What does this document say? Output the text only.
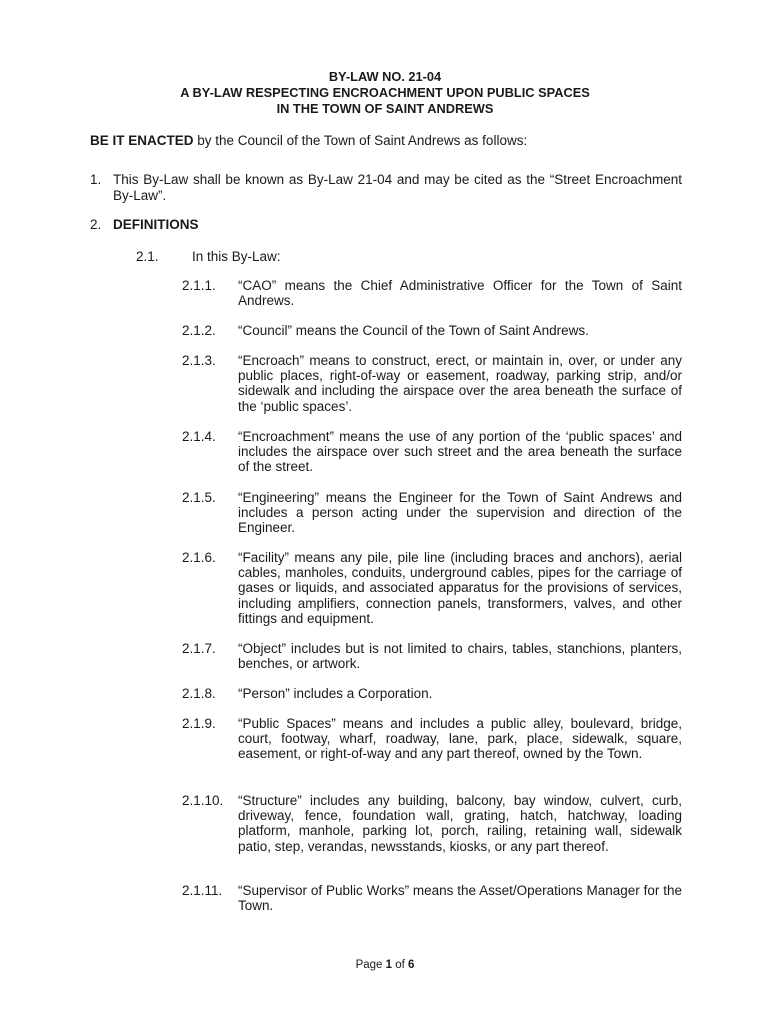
BY-LAW NO. 21-04
A BY-LAW RESPECTING ENCROACHMENT UPON PUBLIC SPACES
IN THE TOWN OF SAINT ANDREWS
BE IT ENACTED by the Council of the Town of Saint Andrews as follows:
1. This By-Law shall be known as By-Law 21-04 and may be cited as the “Street Encroachment By-Law”.
2. DEFINITIONS
2.1. In this By-Law:
2.1.1. “CAO” means the Chief Administrative Officer for the Town of Saint Andrews.
2.1.2. “Council” means the Council of the Town of Saint Andrews.
2.1.3. “Encroach” means to construct, erect, or maintain in, over, or under any public places, right-of-way or easement, roadway, parking strip, and/or sidewalk and including the airspace over the area beneath the surface of the ‘public spaces’.
2.1.4. “Encroachment” means the use of any portion of the ‘public spaces’ and includes the airspace over such street and the area beneath the surface of the street.
2.1.5. “Engineering” means the Engineer for the Town of Saint Andrews and includes a person acting under the supervision and direction of the Engineer.
2.1.6. “Facility” means any pile, pile line (including braces and anchors), aerial cables, manholes, conduits, underground cables, pipes for the carriage of gases or liquids, and associated apparatus for the provisions of services, including amplifiers, connection panels, transformers, valves, and other fittings and equipment.
2.1.7. “Object” includes but is not limited to chairs, tables, stanchions, planters, benches, or artwork.
2.1.8. “Person” includes a Corporation.
2.1.9. “Public Spaces” means and includes a public alley, boulevard, bridge, court, footway, wharf, roadway, lane, park, place, sidewalk, square, easement, or right-of-way and any part thereof, owned by the Town.
2.1.10. “Structure” includes any building, balcony, bay window, culvert, curb, driveway, fence, foundation wall, grating, hatch, hatchway, loading platform, manhole, parking lot, porch, railing, retaining wall, sidewalk patio, step, verandas, newsstands, kiosks, or any part thereof.
2.1.11. “Supervisor of Public Works” means the Asset/Operations Manager for the Town.
Page 1 of 6
